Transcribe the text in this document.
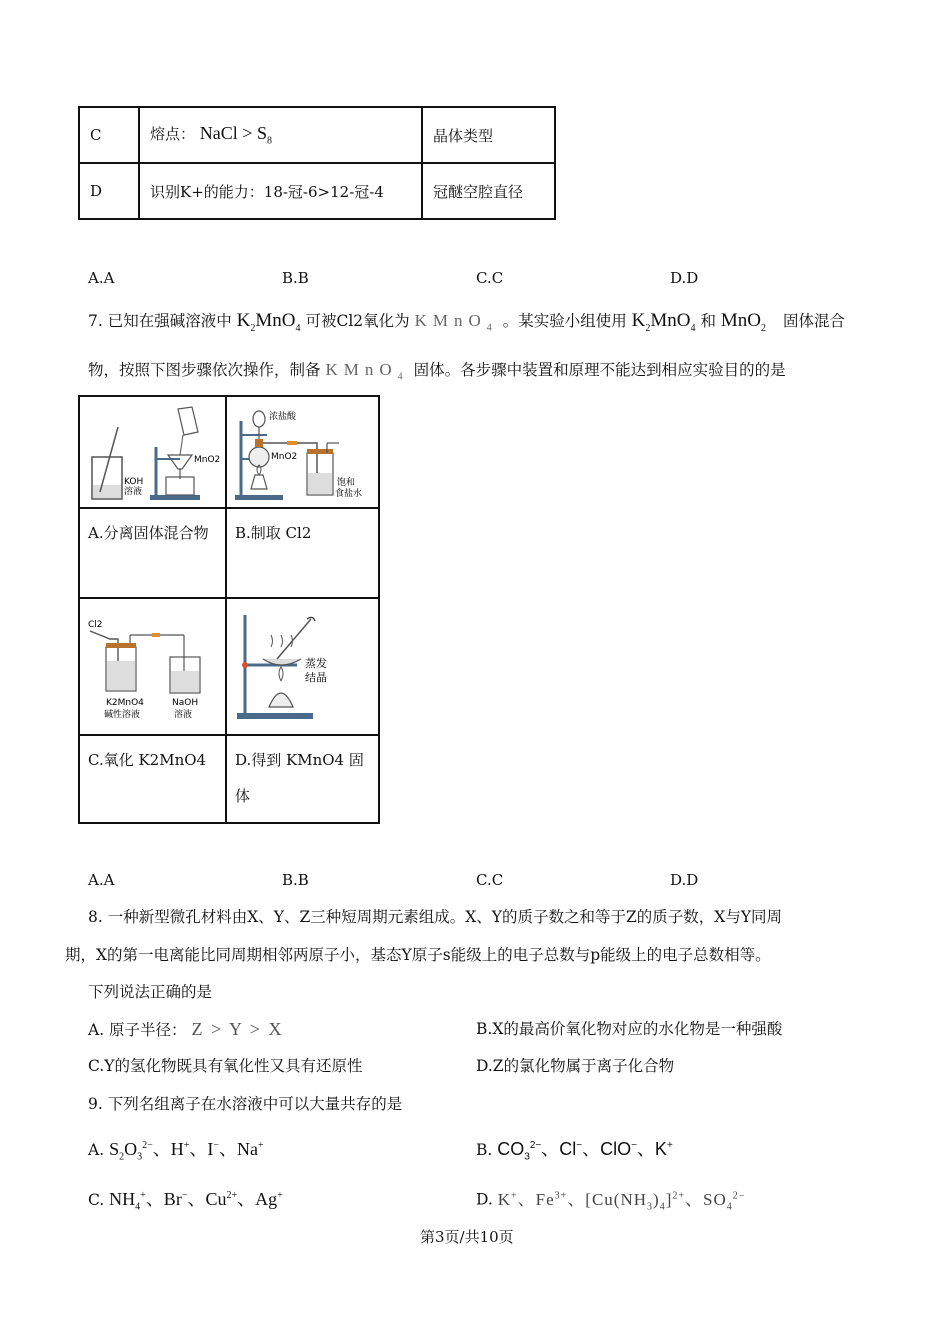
C	熔点： NaCl > $S_8$	晶体类型
D	识别K+的能力：18-冠-6>12-冠-4	冠醚空腔直径
A.A	B.B	C.C	D.D
7. 已知在强碱溶液中 $K_2MnO_4$ 可被Cl2氧化为 KMnO$_4$ 。某实验小组使用 $K_2MnO_4$ 和 MnO$_2$ 固体混合
物，按照下图步骤依次操作，制备 KMnO$_4$ 固体。各步骤中装置和原理不能达到相应实验目的的是
KOH
溶液
MnO2	浓盐酸
MnO2
饱和
食盐水

A.分离固体混合物	B.制取 Cl2

Cl2
K2MnO4
碱性溶液
NaOH
溶液	蒸发
结晶

C.氧化 K2MnO4	D.得到 KMnO4 固体
A.A	B.B	C.C	D.D
8. 一种新型微孔材料由X、Y、Z三种短周期元素组成。X、Y的质子数之和等于Z的质子数，X与Y同周
期，X的第一电离能比同周期相邻两原子小，基态Y原子s能级上的电子总数与p能级上的电子总数相等。
下列说法正确的是
A. 原子半径： Z > Y > X	B.X的最高价氧化物对应的水化物是一种强酸
C.Y的氢化物既具有氧化性又具有还原性	D.Z的氯化物属于离子化合物
9. 下列名组离子在水溶液中可以大量共存的是
A. $S_2O_3^{2-}$、H+、I−、Na+	B. $CO_3^{2-}$、Cl−、ClO−、K+
C. $NH_4^+$、Br−、$Cu^{2+}$、Ag+	D. K+、$Fe^{3+}$、$[Cu(NH_3)_4]^{2+}$、$SO_4^{2-}$
第3页/共10页
